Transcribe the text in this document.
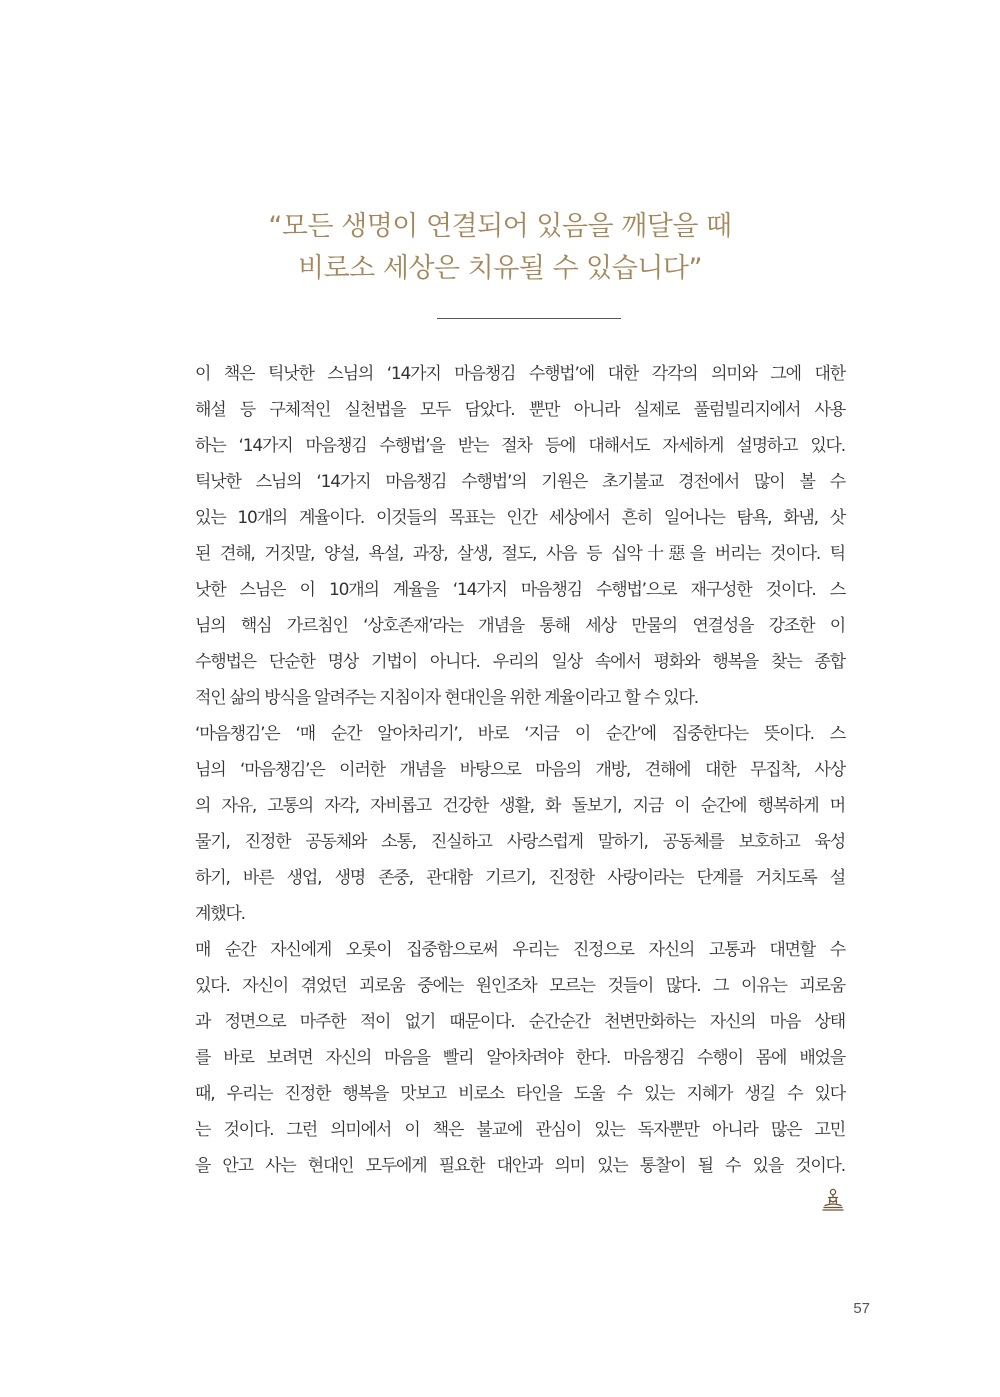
“모든 생명이 연결되어 있음을 깨달을 때
비로소 세상은 치유될 수 있습니다”
이 책은 틱낫한 스님의 ‘14가지 마음챙김 수행법’에 대한 각각의 의미와 그에 대한
해설 등 구체적인 실천법을 모두 담았다. 뿐만 아니라 실제로 풀럼빌리지에서 사용
하는 ‘14가지 마음챙김 수행법’을 받는 절차 등에 대해서도 자세하게 설명하고 있다.
틱낫한 스님의 ‘14가지 마음챙김 수행법’의 기원은 초기불교 경전에서 많이 볼 수
있는 10개의 계율이다. 이것들의 목표는 인간 세상에서 흔히 일어나는 탐욕, 화냄, 삿
된 견해, 거짓말, 양설, 욕설, 과장, 살생, 절도, 사음 등 십악十惡을 버리는 것이다. 틱
낫한 스님은 이 10개의 계율을 ‘14가지 마음챙김 수행법’으로 재구성한 것이다. 스
님의 핵심 가르침인 ‘상호존재’라는 개념을 통해 세상 만물의 연결성을 강조한 이
수행법은 단순한 명상 기법이 아니다. 우리의 일상 속에서 평화와 행복을 찾는 종합
적인 삶의 방식을 알려주는 지침이자 현대인을 위한 계율이라고 할 수 있다.
‘마음챙김’은 ‘매 순간 알아차리기’, 바로 ‘지금 이 순간’에 집중한다는 뜻이다. 스
님의 ‘마음챙김’은 이러한 개념을 바탕으로 마음의 개방, 견해에 대한 무집착, 사상
의 자유, 고통의 자각, 자비롭고 건강한 생활, 화 돌보기, 지금 이 순간에 행복하게 머
물기, 진정한 공동체와 소통, 진실하고 사랑스럽게 말하기, 공동체를 보호하고 육성
하기, 바른 생업, 생명 존중, 관대함 기르기, 진정한 사랑이라는 단계를 거치도록 설
계했다.
매 순간 자신에게 오롯이 집중함으로써 우리는 진정으로 자신의 고통과 대면할 수
있다. 자신이 겪었던 괴로움 중에는 원인조차 모르는 것들이 많다. 그 이유는 괴로움
과 정면으로 마주한 적이 없기 때문이다. 순간순간 천변만화하는 자신의 마음 상태
를 바로 보려면 자신의 마음을 빨리 알아차려야 한다. 마음챙김 수행이 몸에 배었을
때, 우리는 진정한 행복을 맛보고 비로소 타인을 도울 수 있는 지혜가 생길 수 있다
는 것이다. 그런 의미에서 이 책은 불교에 관심이 있는 독자뿐만 아니라 많은 고민
을 안고 사는 현대인 모두에게 필요한 대안과 의미 있는 통찰이 될 수 있을 것이다.
57
